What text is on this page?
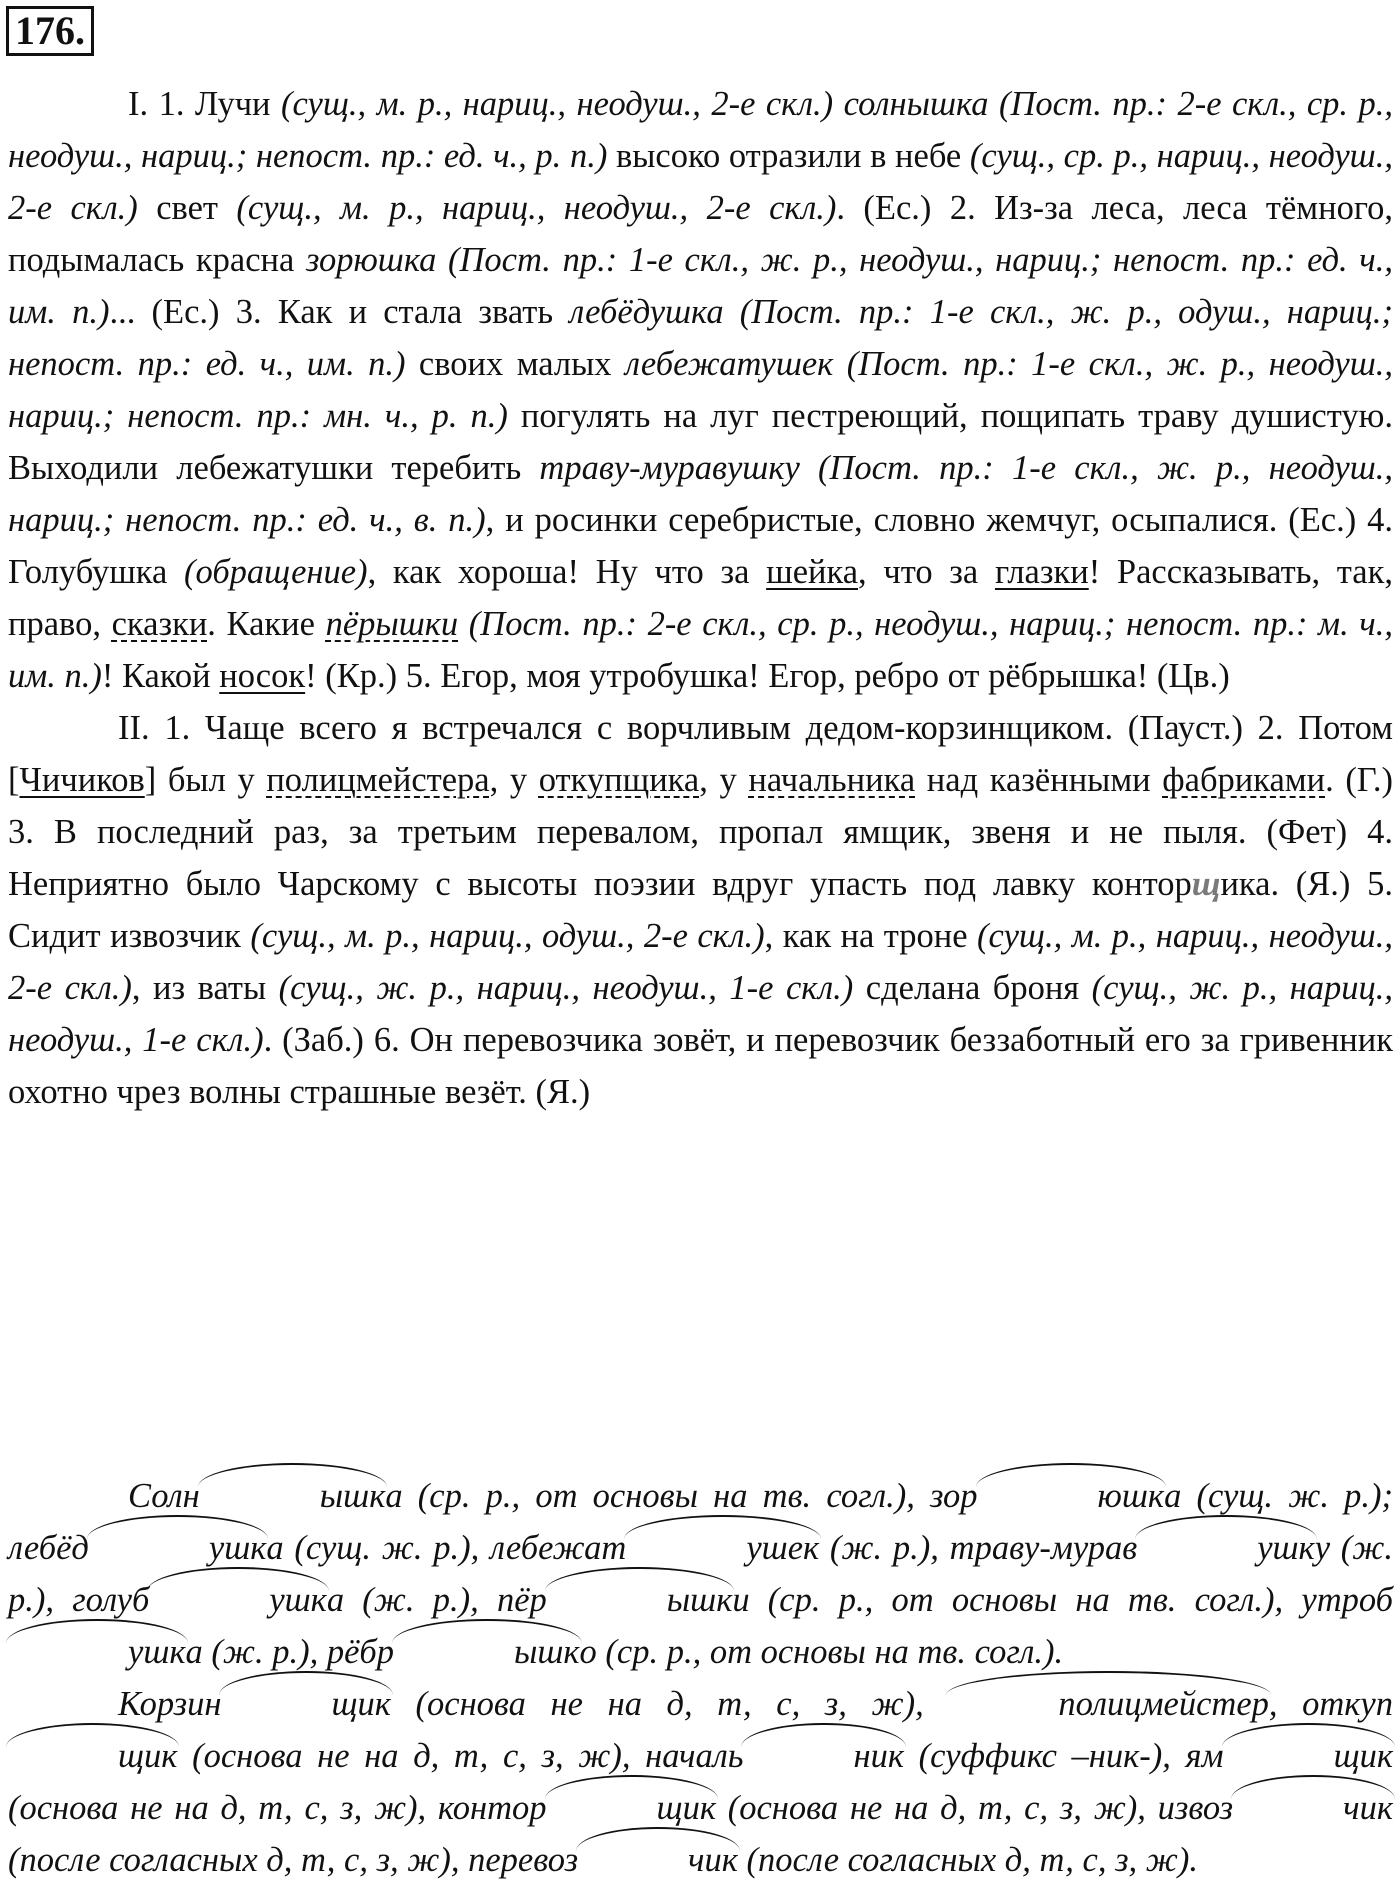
176.

I. 1. Лучи (сущ., м. р., нариц., неодуш., 2-е скл.) солнышка (Пост. пр.: 2-е скл., ср. р., неодуш., нариц.; непост. пр.: ед. ч., р. п.) высоко отразили в небе (сущ., ср. р., нариц., неодуш., 2-е скл.) свет (сущ., м. р., нариц., неодуш., 2-е скл.). (Ес.) 2. Из-за леса, леса тёмного, подымалась красна зорюшка (Пост. пр.: 1-е скл., ж. р., неодуш., нариц.; непост. пр.: ед. ч., им. п.)... (Ес.) 3. Как и стала звать лебёдушка (Пост. пр.: 1-е скл., ж. р., одуш., нариц.; непост. пр.: ед. ч., им. п.) своих малых лебежатушек (Пост. пр.: 1-е скл., ж. р., неодуш., нариц.; непост. пр.: мн. ч., р. п.) погулять на луг пестреющий, пощипать траву душистую. Выходили лебежатушки теребить траву-муравушку (Пост. пр.: 1-е скл., ж. р., неодуш., нариц.; непост. пр.: ед. ч., в. п.), и росинки серебристые, словно жемчуг, осыпалися. (Ес.) 4. Голубушка (обращение), как хороша! Ну что за шейка, что за глазки! Рассказывать, так, право, сказки. Какие пёрышки (Пост. пр.: 2-е скл., ср. р., неодуш., нариц.; непост. пр.: м. ч., им. п.)! Какой носок! (Кр.) 5. Егор, моя утробушка! Егор, ребро от рёбрышка! (Цв.)

II. 1. Чаще всего я встречался с ворчливым дедом-корзинщиком. (Пауст.) 2. Потом [Чичиков] был у полицмейстера, у откупщика, у начальника над казёнными фабриками. (Г.) 3. В последний раз, за третьим перевалом, пропал ямщик, звеня и не пыля. (Фет) 4. Неприятно было Чарскому с высоты поэзии вдруг упасть под лавку конторщика. (Я.) 5. Сидит извозчик (сущ., м. р., нариц., одуш., 2-е скл.), как на троне (сущ., м. р., нариц., неодуш., 2-е скл.), из ваты (сущ., ж. р., нариц., неодуш., 1-е скл.) сделана броня (сущ., ж. р., нариц., неодуш., 1-е скл.). (Заб.) 6. Он перевозчика зовёт, и перевозчик беззаботный его за гривенник охотно чрез волны страшные везёт. (Я.)

Солн	ышка (ср. р., от основы на тв. согл.), зор	юшка (сущ. ж. р.); лебёд	ушка (сущ. ж. р.), лебежат	ушек (ж. р.), траву-мурав	ушку (ж. р.), голуб	ушка (ж. р.), пёр	ышки (ср. р., от основы на тв. согл.), утробушка (ж. р.), рёбр	ышко (ср. р., от основы на тв. согл.).

Корзин	щик (основа не на д, т, с, з, ж),	полицмейстер, откупщик (основа не на д, т, с, з, ж), началь	ник (суффикс –ник-), ям	щик (основа не на д, т, с, з, ж), контор	щик (основа не на д, т, с, з, ж), извоз	чик (после согласных д, т, с, з, ж), перевоз	чик (после согласных д, т, с, з, ж).
